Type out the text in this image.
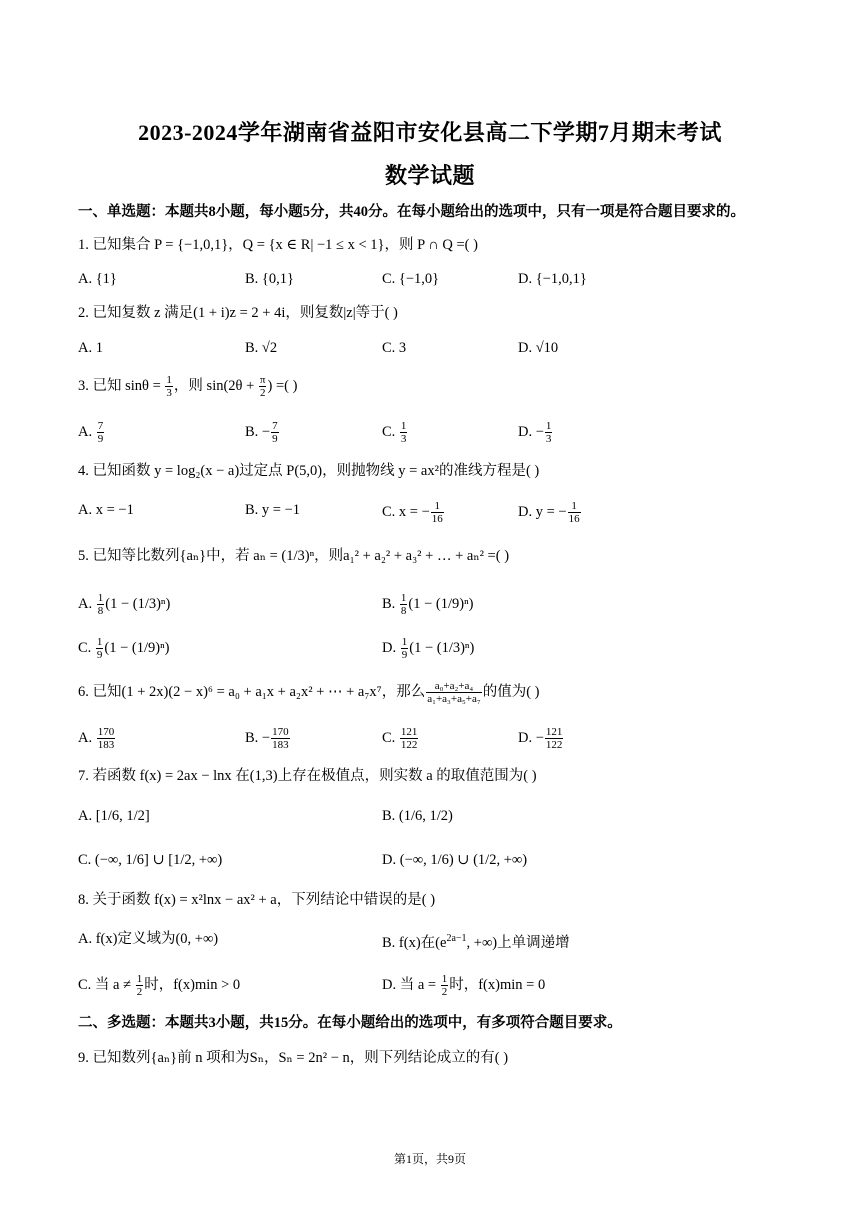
2023-2024学年湖南省益阳市安化县高二下学期7月期末考试
数学试题
一、单选题：本题共8小题，每小题5分，共40分。在每小题给出的选项中，只有一项是符合题目要求的。
1. 已知集合 P = {−1,0,1}，Q = {x ∈ R| −1 ≤ x < 1}，则 P ∩ Q =( )
A. {1}	B. {0,1}	C. {−1,0}	D. {−1,0,1}
2. 已知复数 z 满足(1 + i)z = 2 + 4i，则复数|z|等于( )
A. 1	B. √2	C. 3	D. √10
3. 已知 $\sin\theta = \frac{1}{3}$ ，则 $\sin(2\theta + \frac{\pi}{2}$ ) =( )
A. $\frac{7}{9}$	B. − $\frac{7}{9}$	C. $\frac{1}{3}$	D. − $\frac{1}{3}$
4. 已知函数 y = log₂(x − a)过定点 P(5,0)，则抛物线 y = ax²的准线方程是( )
A. x = −1	B. y = −1	C. x = − $\frac{1}{16}$	D. y = − $\frac{1}{16}$
5. 已知等比数列{aₙ}中，若 aₙ = (1/3)ⁿ，则a₁² + a₂² + a₃² + … + aₙ² =( )
A. $\frac{1}{8} (1 - (1/3)^n)$	B. $\frac{1}{8} (1 - (1/9)^n)$
C. $\frac{1}{9} (1 - (1/9)^n)$	D. $\frac{1}{9} (1 - (1/3)^n)$
6. 已知(1 + 2x)(2 − x)⁶ = a₀ + a₁x + a₂x² + ⋯ + a₇x⁷，那么 $\frac{\text{a₀+a₂+a₄}}{\text{a₁+a₃+a₅+a₇}}$ 的值为( )
A. $\frac{170}{183}$	B. − $\frac{170}{183}$	C. $\frac{121}{122}$	D. − $\frac{121}{122}$
7. 若函数 f(x) = 2ax − lnx 在(1,3)上存在极值点，则实数 a 的取值范围为( )
A. [1/6, 1/2]	B. (1/6, 1/2)
C. (−∞, 1/6] ∪ [1/2, +∞)	D. (−∞, 1/6) ∪ (1/2, +∞)
8. 关于函数 f(x) = x²lnx − ax² + a，下列结论中错误的是( )
A. f(x)定义域为(0, +∞)	B. f(x)在($e^{2a-1}$, +∞)上单调递增
C. 当 $a \ne \frac{1}{2}$ 时，f(x)min > 0	D. 当 $a = \frac{1}{2}$ 时，f(x)min = 0
二、多选题：本题共3小题，共15分。在每小题给出的选项中，有多项符合题目要求。
9. 已知数列{aₙ}前 n 项和为Sₙ，Sₙ = 2n² − n，则下列结论成立的有( )
第1页，共9页
